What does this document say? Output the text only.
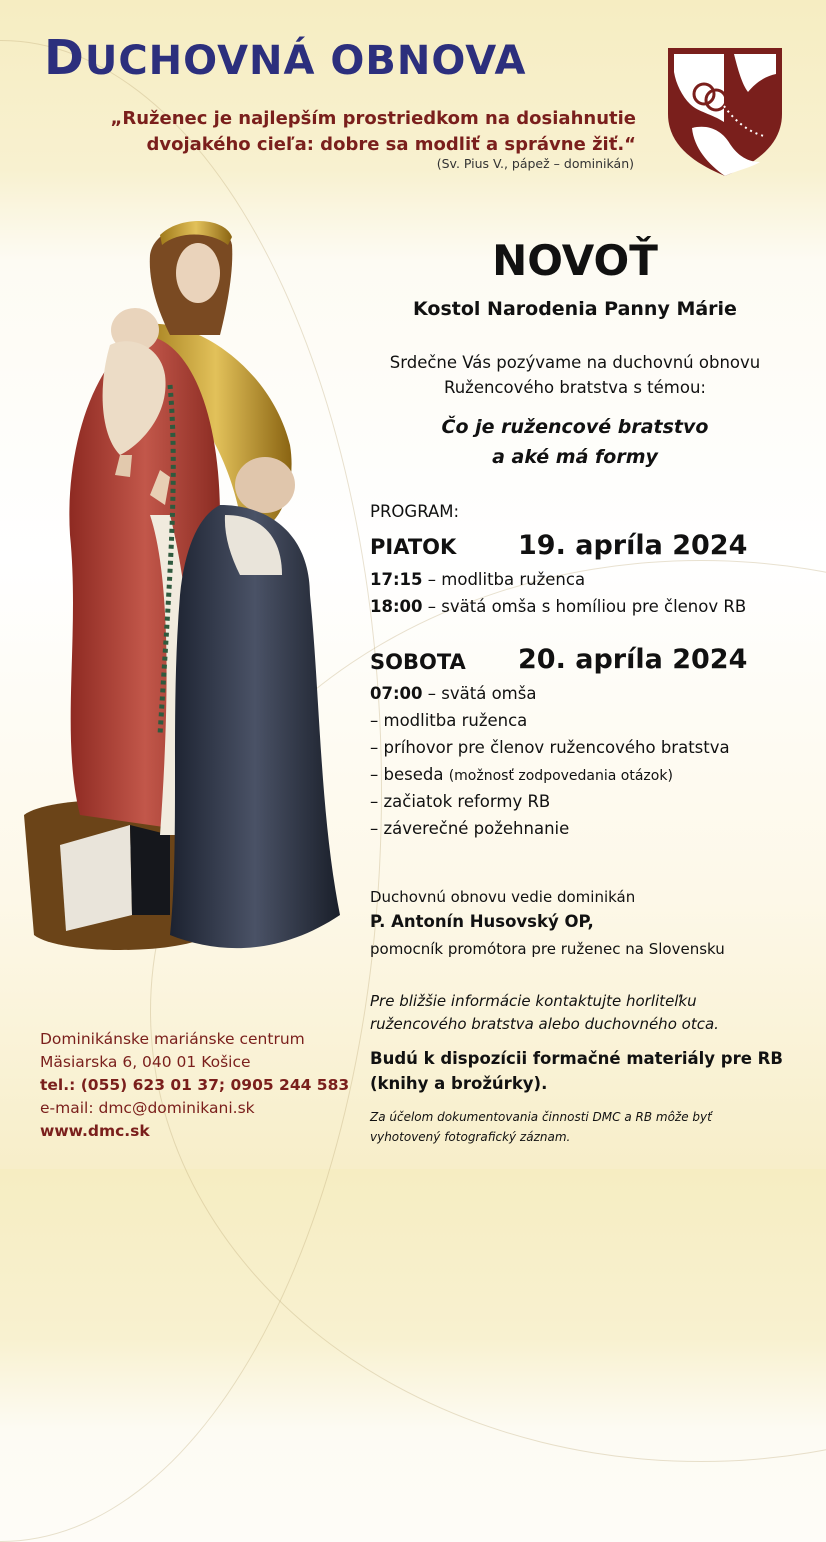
DUCHOVNÁ OBNOVA
„Ruženec je najlepším prostriedkom na dosiahnutie
dvojakého cieľa: dobre sa modliť a správne žiť.“
(Sv. Pius V., pápež – dominikán)
NOVOŤ
Kostol Narodenia Panny Márie
Srdečne Vás pozývame na duchovnú obnovu
Ružencového bratstva s témou:
Čo je ružencové bratstvo
a aké má formy
PROGRAM:
PIATOK 19. apríla 2024
17:15 – modlitba ruženca
18:00 – svätá omša s homíliou pre členov RB
SOBOTA 20. apríla 2024
07:00 – svätá omša
– modlitba ruženca
– príhovor pre členov ružencového bratstva
– beseda (možnosť zodpovedania otázok)
– začiatok reformy RB
– záverečné požehnanie
Duchovnú obnovu vedie dominikán
P. Antonín Husovský OP,
pomocník promótora pre ruženec na Slovensku
Pre bližšie informácie kontaktujte horliteľku
ružencového bratstva alebo duchovného otca.
Budú k dispozícii formačné materiály pre RB
(knihy a brožúrky).
Za účelom dokumentovania činnosti DMC a RB môže byť
vyhotovený fotografický záznam.
Dominikánske mariánske centrum
Mäsiarska 6, 040 01 Košice
tel.: (055) 623 01 37; 0905 244 583
e-mail: dmc@dominikani.sk
www.dmc.sk
